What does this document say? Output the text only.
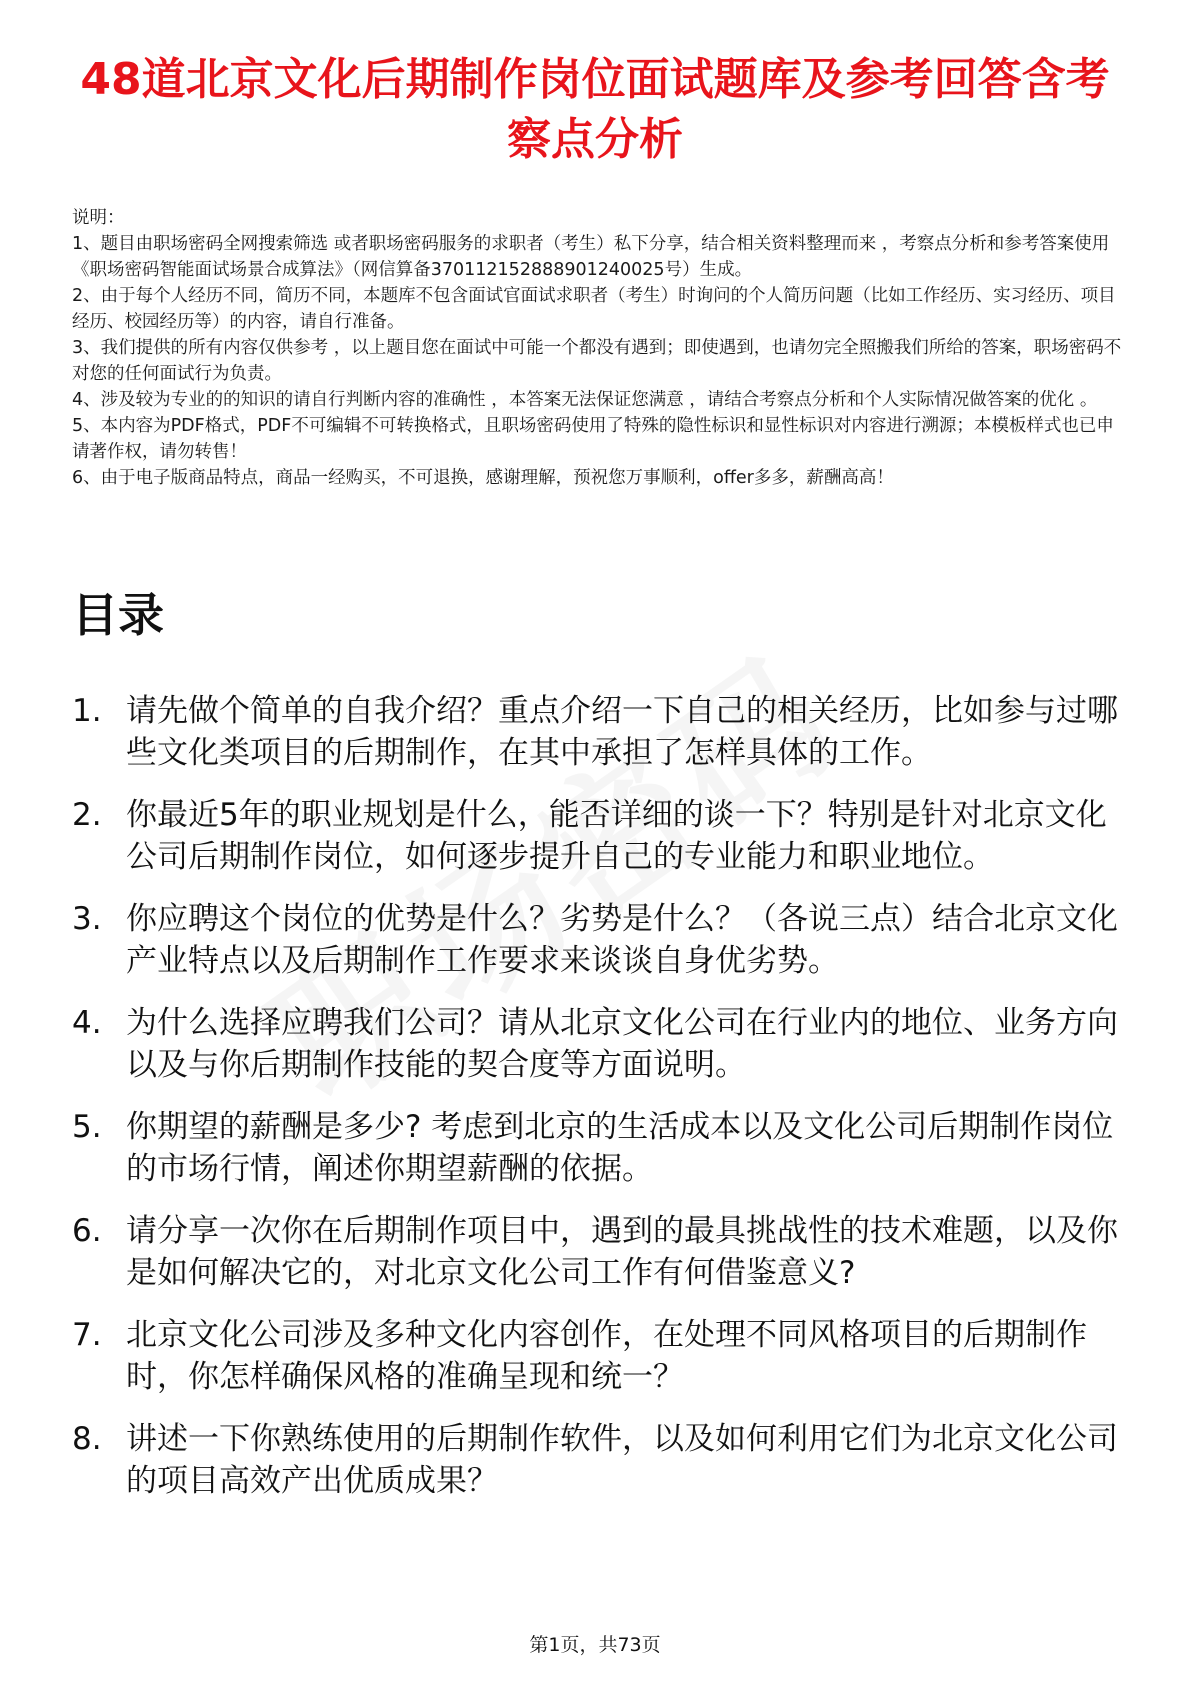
48道北京文化后期制作岗位面试题库及参考回答含考察点分析

说明：

1、题目由职场密码全网搜索筛选 或者职场密码服务的求职者（考生）私下分享，结合相关资料整理而来 ，考察点分析和参考答案使用《职场密码智能面试场景合成算法》（网信算备370112152888901240025号）生成。

2、由于每个人经历不同，简历不同，本题库不包含面试官面试求职者（考生）时询问的个人简历问题（比如工作经历、实习经历、项目经历、校园经历等）的内容，请自行准备。

3、我们提供的所有内容仅供参考 ，以上题目您在面试中可能一个都没有遇到；即使遇到，也请勿完全照搬我们所给的答案，职场密码不对您的任何面试行为负责。

4、涉及较为专业的的知识的请自行判断内容的准确性 ，本答案无法保证您满意 ，请结合考察点分析和个人实际情况做答案的优化 。

5、本内容为PDF格式，PDF不可编辑不可转换格式，且职场密码使用了特殊的隐性标识和显性标识对内容进行溯源；本模板样式也已申请著作权，请勿转售！

6、由于电子版商品特点，商品一经购买，不可退换，感谢理解，预祝您万事顺利，offer多多，薪酬高高！

目录
1. 请先做个简单的自我介绍？重点介绍一下自己的相关经历，比如参与过哪些文化类项目的后期制作，在其中承担了怎样具体的工作。
2. 你最近5年的职业规划是什么，能否详细的谈一下？特别是针对北京文化公司后期制作岗位，如何逐步提升自己的专业能力和职业地位。
3. 你应聘这个岗位的优势是什么？劣势是什么？（各说三点）结合北京文化产业特点以及后期制作工作要求来谈谈自身优劣势。
4. 为什么选择应聘我们公司？请从北京文化公司在行业内的地位、业务方向以及与你后期制作技能的契合度等方面说明。
5. 你期望的薪酬是多少? 考虑到北京的生活成本以及文化公司后期制作岗位的市场行情，阐述你期望薪酬的依据。
6. 请分享一次你在后期制作项目中，遇到的最具挑战性的技术难题，以及你是如何解决它的，对北京文化公司工作有何借鉴意义?
7. 北京文化公司涉及多种文化内容创作，在处理不同风格项目的后期制作时，你怎样确保风格的准确呈现和统一？
8. 讲述一下你熟练使用的后期制作软件，以及如何利用它们为北京文化公司的项目高效产出优质成果？
第1页，共73页
